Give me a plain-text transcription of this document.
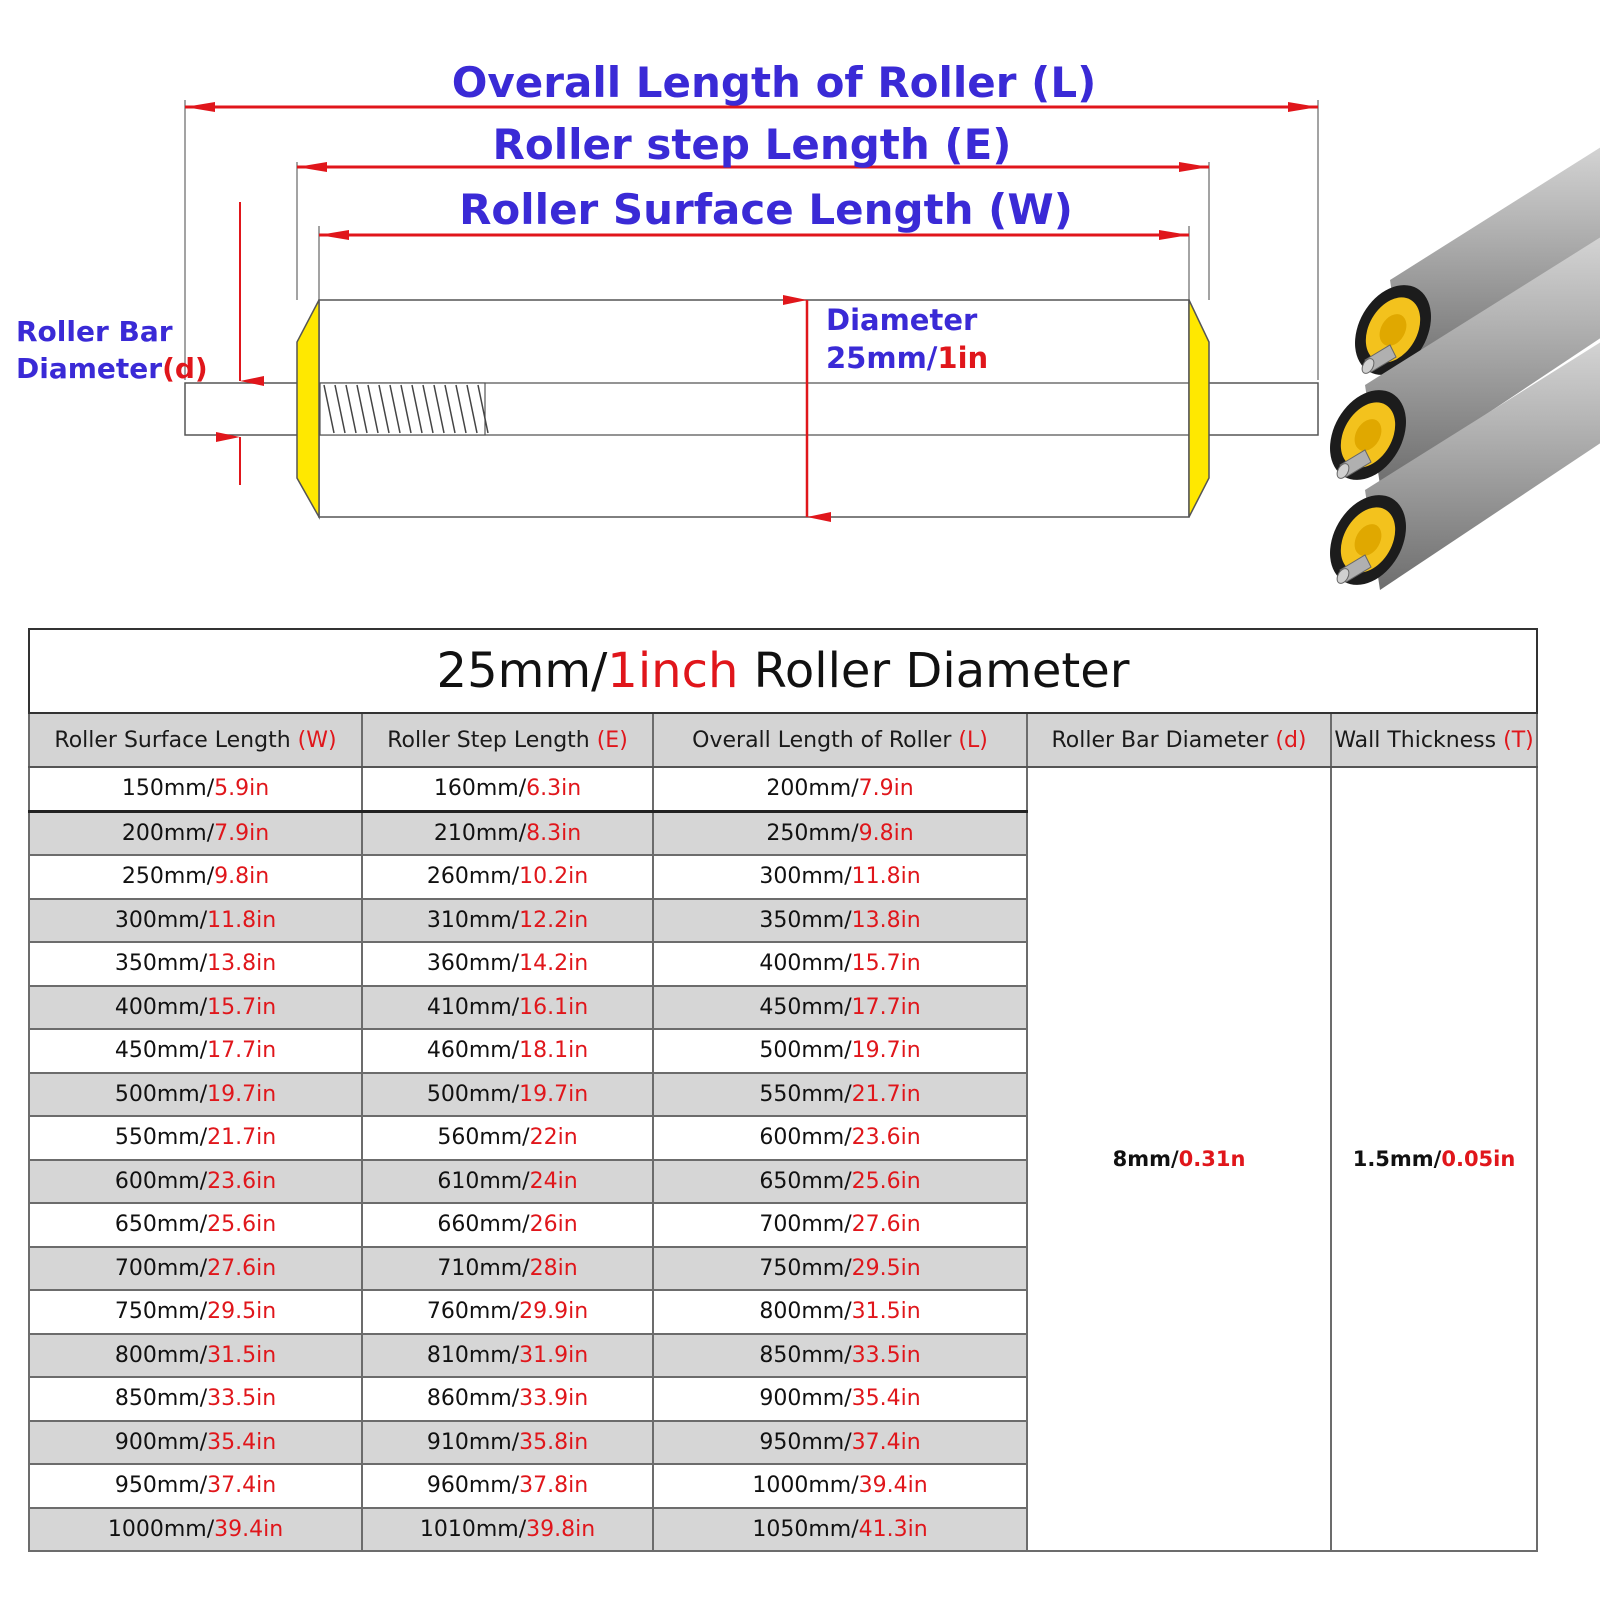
Overall Length of Roller (L)
Roller step Length (E)
Roller Surface Length (W)
Diameter
25mm/1in
Roller Bar
Diameter(d)
25mm/1inch Roller Diameter				
Roller Surface Length (W)	Roller Step Length (E)	Overall Length of Roller (L)	Roller Bar Diameter (d)	Wall Thickness (T)
150mm/5.9in	160mm/6.3in	200mm/7.9in	8mm/0.31n	1.5mm/0.05in
200mm/7.9in	210mm/8.3in	250mm/9.8in		
250mm/9.8in	260mm/10.2in	300mm/11.8in		
300mm/11.8in	310mm/12.2in	350mm/13.8in		
350mm/13.8in	360mm/14.2in	400mm/15.7in		
400mm/15.7in	410mm/16.1in	450mm/17.7in		
450mm/17.7in	460mm/18.1in	500mm/19.7in		
500mm/19.7in	500mm/19.7in	550mm/21.7in		
550mm/21.7in	560mm/22in	600mm/23.6in		
600mm/23.6in	610mm/24in	650mm/25.6in		
650mm/25.6in	660mm/26in	700mm/27.6in		
700mm/27.6in	710mm/28in	750mm/29.5in		
750mm/29.5in	760mm/29.9in	800mm/31.5in		
800mm/31.5in	810mm/31.9in	850mm/33.5in		
850mm/33.5in	860mm/33.9in	900mm/35.4in		
900mm/35.4in	910mm/35.8in	950mm/37.4in		
950mm/37.4in	960mm/37.8in	1000mm/39.4in		
1000mm/39.4in	1010mm/39.8in	1050mm/41.3in		
